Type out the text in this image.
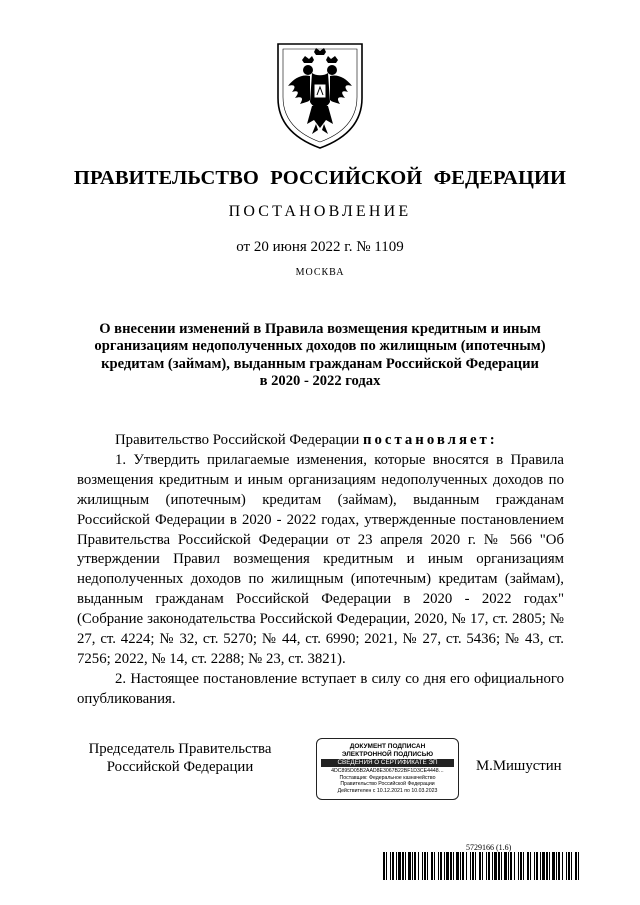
ПРАВИТЕЛЬСТВО РОССИЙСКОЙ ФЕДЕРАЦИИ
ПОСТАНОВЛЕНИЕ
от 20 июня 2022 г. № 1109
МОСКВА
О внесении изменений в Правила возмещения кредитным и иным
организациям недополученных доходов по жилищным (ипотечным)
кредитам (займам), выданным гражданам Российской Федерации
в 2020 - 2022 годах

Правительство Российской Федерации постановляет:

1. Утвердить прилагаемые изменения, которые вносятся в Правила возмещения кредитным и иным организациям недополученных доходов по жилищным (ипотечным) кредитам (займам), выданным гражданам Российской Федерации в 2020 - 2022 годах, утвержденные постановлением Правительства Российской Федерации от 23 апреля 2020 г. № 566 "Об утверждении Правил возмещения кредитным и иным организациям недополученных доходов по жилищным (ипотечным) кредитам (займам), выданным гражданам Российской Федерации в 2020 - 2022 годах" (Собрание законодательства Российской Федерации, 2020, № 17, ст. 2805; № 27, ст. 4224; № 32, ст. 5270; № 44, ст. 6990; 2021, № 27, ст. 5436; № 43, ст. 7256; 2022, № 14, ст. 2288; № 23, ст. 3821).

2. Настоящее постановление вступает в силу со дня его официального опубликования.

Председатель Правительства
Российской Федерации
ДОКУМЕНТ ПОДПИСАН
ЭЛЕКТРОННОЙ ПОДПИСЬЮ
СВЕДЕНИЯ О СЕРТИФИКАТЕ ЭП
4DC895D05B2AAD8E3067B22BF1D3CE4448…
Поставщик: Федеральное казначейство
Правительство Российской Федерации
Действителен с 10.12.2021 по 10.03.2023
М.Мишустин
5729166 (1.6)
